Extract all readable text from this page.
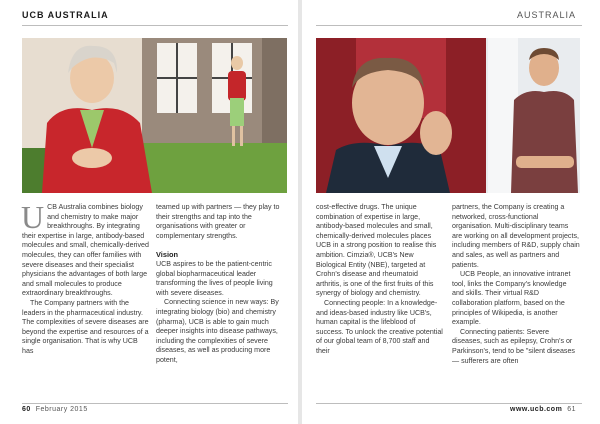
UCB AUSTRALIA

U CB Australia combines biology and chemistry to make major breakthroughs. By integrating their expertise in large, antibody-based molecules and small, chemically-derived molecules, they can offer families with severe diseases and their specialist physicians the advantages of both large and small molecules to produce extraordinary breakthroughs.

The Company partners with the leaders in the pharmaceutical industry. The complexities of severe diseases are beyond the expertise and resources of a single organisation. That is why UCB has

teamed up with partners — they play to their strengths and tap into the organisations with greater or complementary strengths.

Vision

UCB aspires to be the patient-centric global biopharmaceutical leader transforming the lives of people living with severe diseases.

Connecting science in new ways: By integrating biology (bio) and chemistry (pharma), UCB is able to gain much deeper insights into disease pathways, including the complexities of severe diseases, as well as producing more potent,

60 February 2015
AUSTRALIA

cost-effective drugs. The unique combination of expertise in large, antibody-based molecules and small, chemically-derived molecules places UCB in a strong position to realise this ambition. Cimzia®, UCB's New Biological Entity (NBE), targeted at Crohn's disease and rheumatoid arthritis, is one of the first fruits of this synergy of biology and chemistry.

Connecting people: In a knowledge- and ideas-based industry like UCB's, human capital is the lifeblood of success. To unlock the creative potential of our global team of 8,700 staff and their

partners, the Company is creating a networked, cross-functional organisation. Multi-disciplinary teams are working on all development projects, including members of R&D, supply chain and sales, as well as partners and patients.

UCB People, an innovative intranet tool, links the Company's knowledge and skills. Their virtual R&D collaboration platform, based on the principles of Wikipedia, is another example.

Connecting patients: Severe diseases, such as epilepsy, Crohn's or Parkinson's, tend to be "silent diseases — sufferers are often

www.ucb.com 61
